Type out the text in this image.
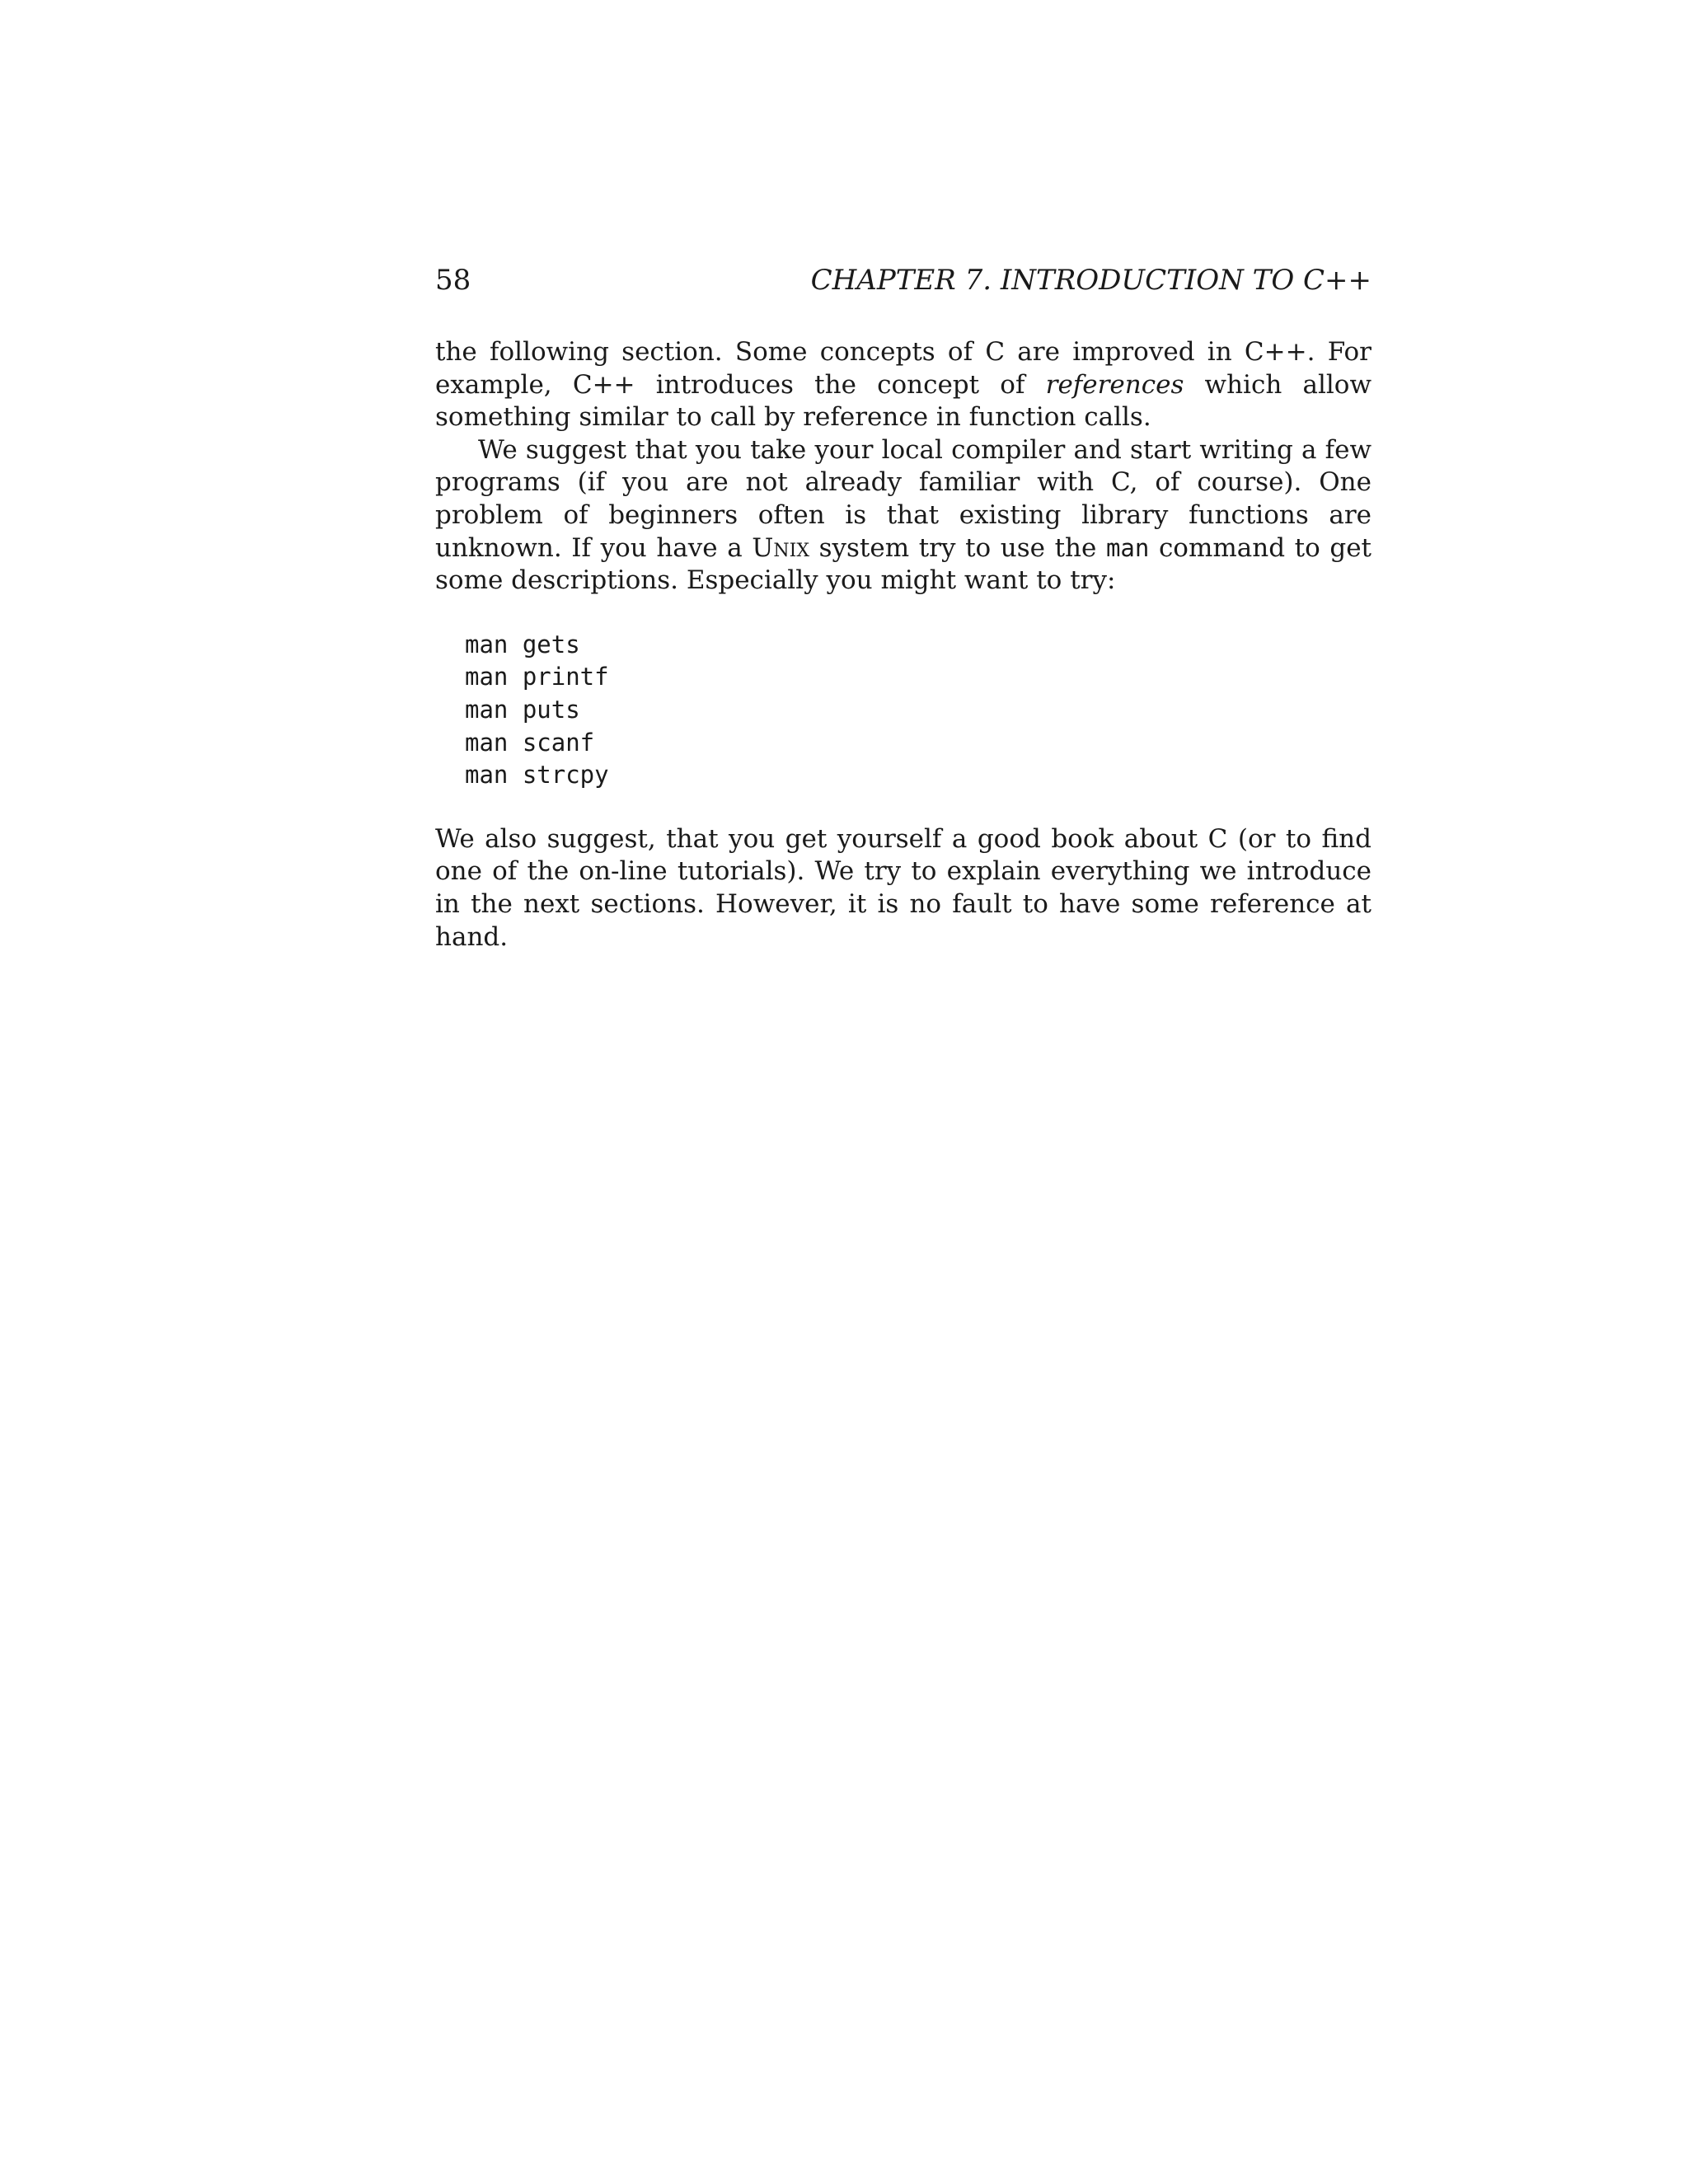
58	CHAPTER 7. INTRODUCTION TO C++

the following section. Some concepts of C are improved in C++. For example, C++ introduces the concept of references which allow something similar to call by reference in function calls.

We suggest that you take your local compiler and start writing a few programs (if you are not already familiar with C, of course). One problem of beginners often is that existing library functions are unknown. If you have a Unix system try to use the man command to get some descriptions. Especially you might want to try:

man gets
man printf
man puts
man scanf
man strcpy

We also suggest, that you get yourself a good book about C (or to find one of the on-line tutorials). We try to explain everything we introduce in the next sections. However, it is no fault to have some reference at hand.
